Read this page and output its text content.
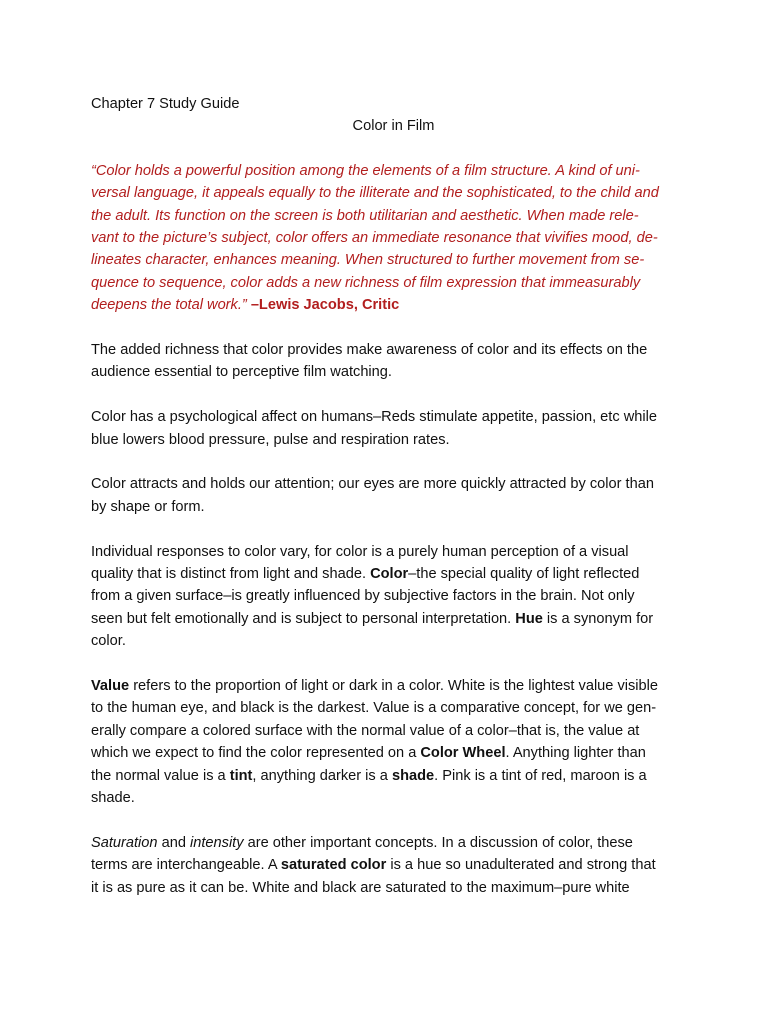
Chapter 7 Study Guide
Color in Film
“Color holds a powerful position among the elements of a film structure. A kind of uni-
versal language, it appeals equally to the illiterate and the sophisticated, to the child and
the adult. Its function on the screen is both utilitarian and aesthetic. When made rele-
vant to the picture’s subject, color offers an immediate resonance that vivifies mood, de-
lineates character, enhances meaning. When structured to further movement from se-
quence to sequence, color adds a new richness of film expression that immeasurably
deepens the total work.” –Lewis Jacobs, Critic
The added richness that color provides make awareness of color and its effects on the
audience essential to perceptive film watching.
Color has a psychological affect on humans–Reds stimulate appetite, passion, etc while
blue lowers blood pressure, pulse and respiration rates.
Color attracts and holds our attention; our eyes are more quickly attracted by color than
by shape or form.
Individual responses to color vary, for color is a purely human perception of a visual
quality that is distinct from light and shade. Color–the special quality of light reflected
from a given surface–is greatly influenced by subjective factors in the brain. Not only
seen but felt emotionally and is subject to personal interpretation. Hue is a synonym for
color.
Value refers to the proportion of light or dark in a color. White is the lightest value visible
to the human eye, and black is the darkest. Value is a comparative concept, for we gen-
erally compare a colored surface with the normal value of a color–that is, the value at
which we expect to find the color represented on a Color Wheel. Anything lighter than
the normal value is a tint, anything darker is a shade. Pink is a tint of red, maroon is a
shade.
Saturation and intensity are other important concepts. In a discussion of color, these
terms are interchangeable. A saturated color is a hue so unadulterated and strong that
it is as pure as it can be. White and black are saturated to the maximum–pure white
